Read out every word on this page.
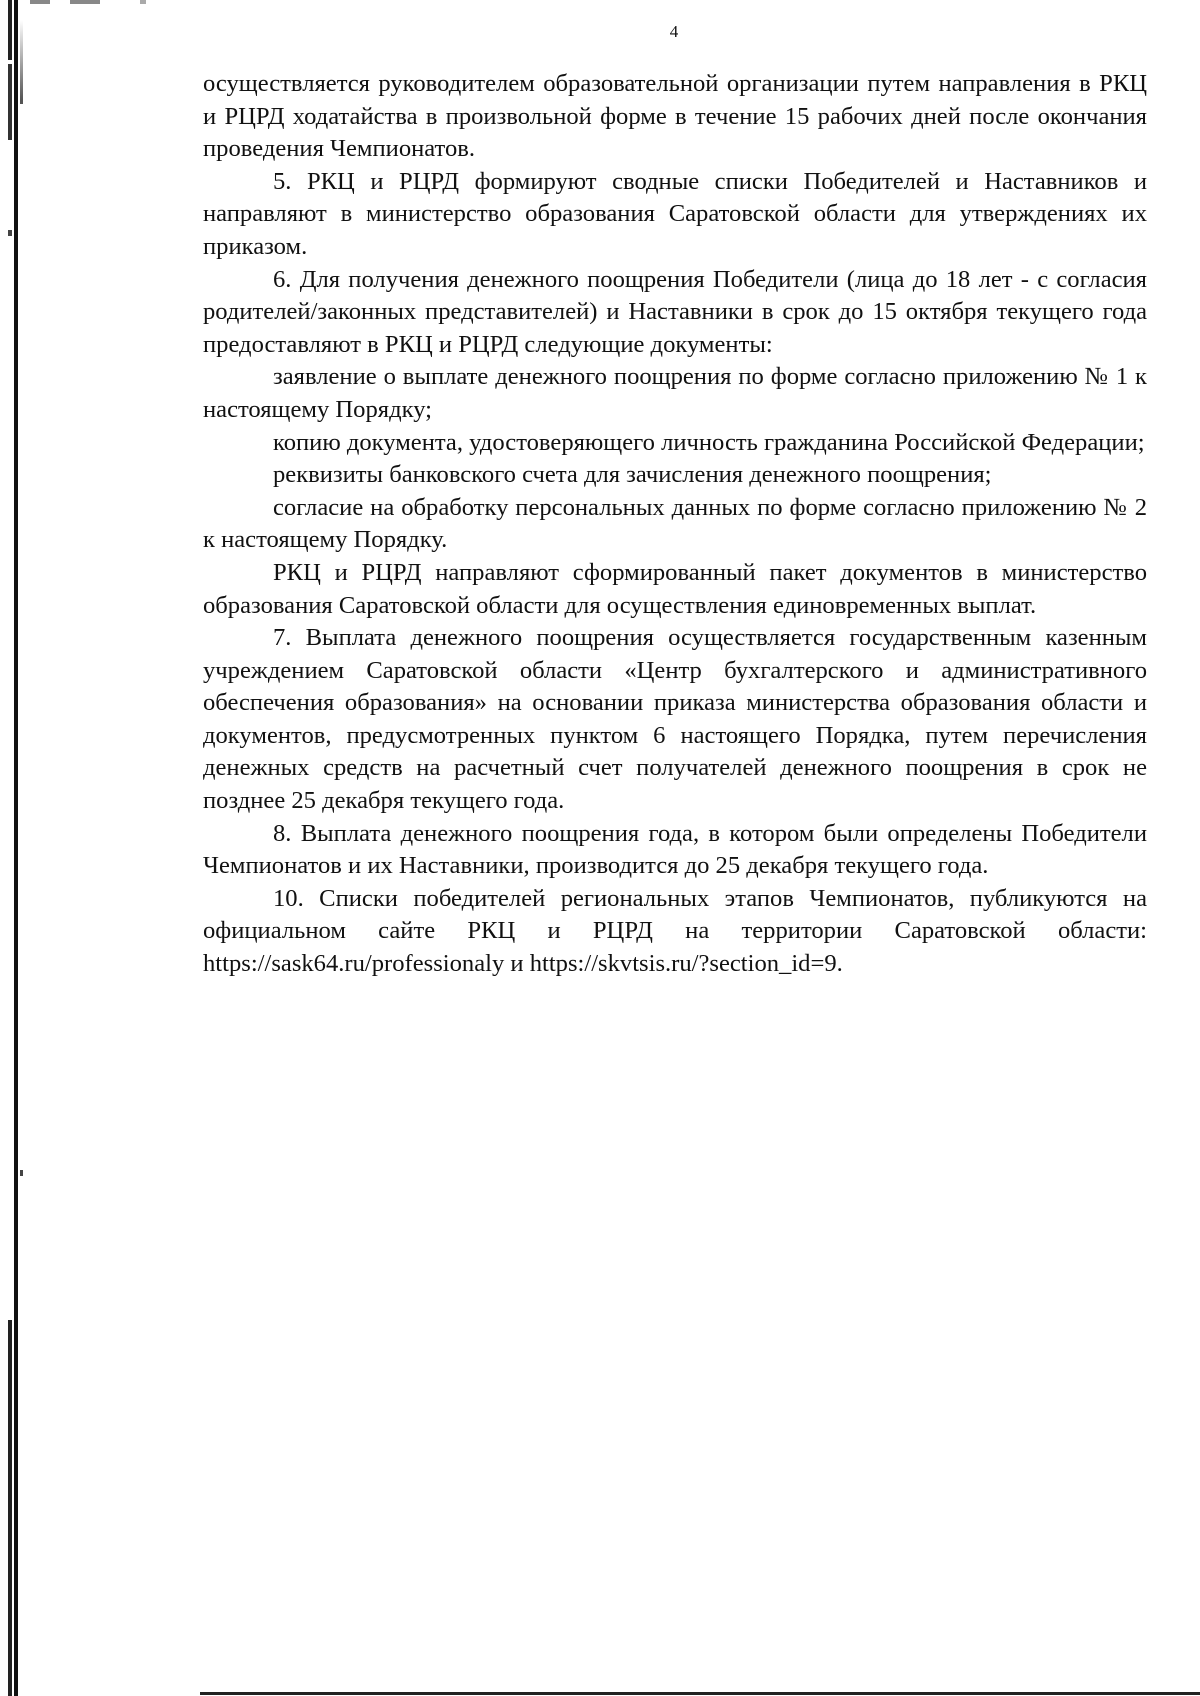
4

осуществляется руководителем образовательной организации путем направления в РКЦ и РЦРД ходатайства в произвольной форме в течение 15 рабочих дней после окончания проведения Чемпионатов.

5. РКЦ и РЦРД формируют сводные списки Победителей и Наставников и направляют в министерство образования Саратовской области для утверждениях их приказом.

6. Для получения денежного поощрения Победители (лица до 18 лет - с согласия родителей/законных представителей) и Наставники в срок до 15 октября текущего года предоставляют в РКЦ и РЦРД следующие документы:

заявление о выплате денежного поощрения по форме согласно приложению № 1 к настоящему Порядку;

копию документа, удостоверяющего личность гражданина Российской Федерации;

реквизиты банковского счета для зачисления денежного поощрения;

согласие на обработку персональных данных по форме согласно приложению № 2 к настоящему Порядку.

РКЦ и РЦРД направляют сформированный пакет документов в министерство образования Саратовской области для осуществления единовременных выплат.

7. Выплата денежного поощрения осуществляется государственным казенным учреждением Саратовской области «Центр бухгалтерского и административного обеспечения образования» на основании приказа министерства образования области и документов, предусмотренных пунктом 6 настоящего Порядка, путем перечисления денежных средств на расчетный счет получателей денежного поощрения в срок не позднее 25 декабря текущего года.

8. Выплата денежного поощрения года, в котором были определены Победители Чемпионатов и их Наставники, производится до 25 декабря текущего года.

10. Списки победителей региональных этапов Чемпионатов, публикуются на официальном сайте РКЦ и РЦРД на территории Саратовской области: https://sask64.ru/professionaly и https://skvtsis.ru/?section_id=9.
